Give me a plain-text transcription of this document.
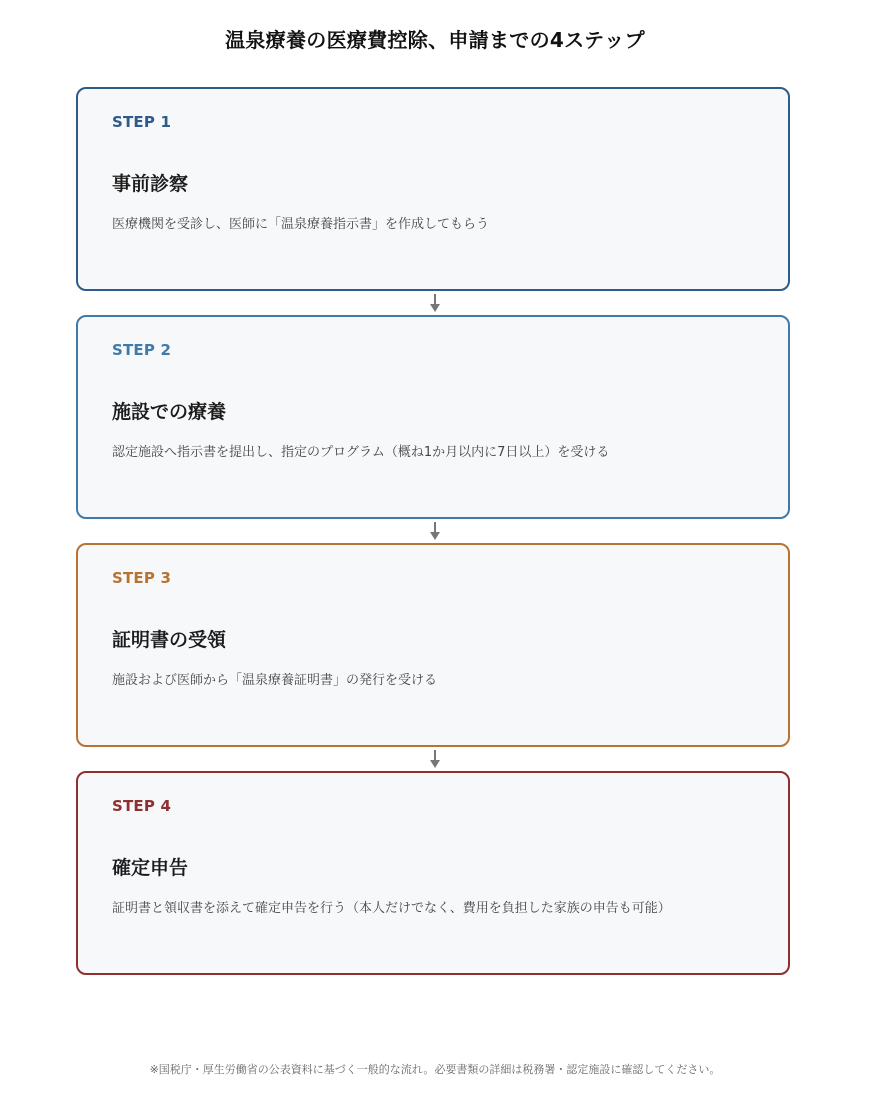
温泉療養の医療費控除、申請までの4ステップ
STEP 1
事前診察
医療機関を受診し、医師に「温泉療養指示書」を作成してもらう
STEP 2
施設での療養
認定施設へ指示書を提出し、指定のプログラム（概ね1か月以内に7日以上）を受ける
STEP 3
証明書の受領
施設および医師から「温泉療養証明書」の発行を受ける
STEP 4
確定申告
証明書と領収書を添えて確定申告を行う（本人だけでなく、費用を負担した家族の申告も可能）
※国税庁・厚生労働省の公表資料に基づく一般的な流れ。必要書類の詳細は税務署・認定施設に確認してください。
